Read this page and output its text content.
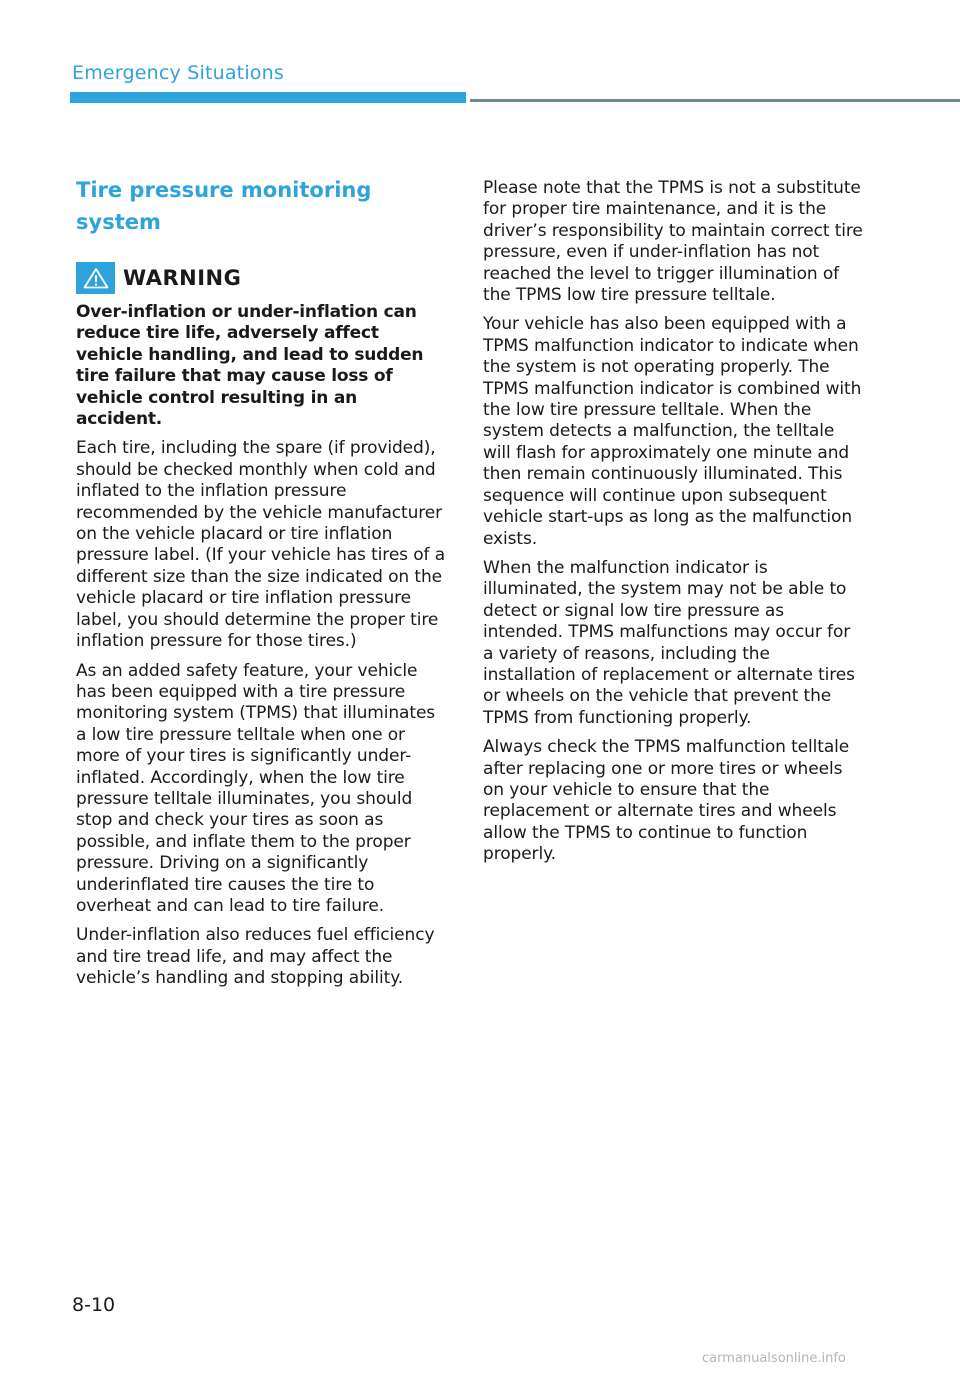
Emergency Situations
Tire pressure monitoring system
WARNING

Over-inflation or under-inflation can reduce tire life, adversely affect vehicle handling, and lead to sudden tire failure that may cause loss of vehicle control resulting in an accident.

Each tire, including the spare (if provided), should be checked monthly when cold and inflated to the inflation pressure recommended by the vehicle manufacturer on the vehicle placard or tire inflation pressure label. (If your vehicle has tires of a different size than the size indicated on the vehicle placard or tire inflation pressure label, you should determine the proper tire inflation pressure for those tires.)

As an added safety feature, your vehicle has been equipped with a tire pressure monitoring system (TPMS) that illuminates a low tire pressure telltale when one or more of your tires is significantly under-inflated. Accordingly, when the low tire pressure telltale illuminates, you should stop and check your tires as soon as possible, and inflate them to the proper pressure. Driving on a significantly underinflated tire causes the tire to overheat and can lead to tire failure.

Under-inflation also reduces fuel efficiency and tire tread life, and may affect the vehicle’s handling and stopping ability.

Please note that the TPMS is not a substitute for proper tire maintenance, and it is the driver’s responsibility to maintain correct tire pressure, even if under-inflation has not reached the level to trigger illumination of the TPMS low tire pressure telltale.

Your vehicle has also been equipped with a TPMS malfunction indicator to indicate when the system is not operating properly. The TPMS malfunction indicator is combined with the low tire pressure telltale. When the system detects a malfunction, the telltale will flash for approximately one minute and then remain continuously illuminated. This sequence will continue upon subsequent vehicle start-ups as long as the malfunction exists.

When the malfunction indicator is illuminated, the system may not be able to detect or signal low tire pressure as intended. TPMS malfunctions may occur for a variety of reasons, including the installation of replacement or alternate tires or wheels on the vehicle that prevent the TPMS from functioning properly.

Always check the TPMS malfunction telltale after replacing one or more tires or wheels on your vehicle to ensure that the replacement or alternate tires and wheels allow the TPMS to continue to function properly.

8-10
carmanualsonline.info
